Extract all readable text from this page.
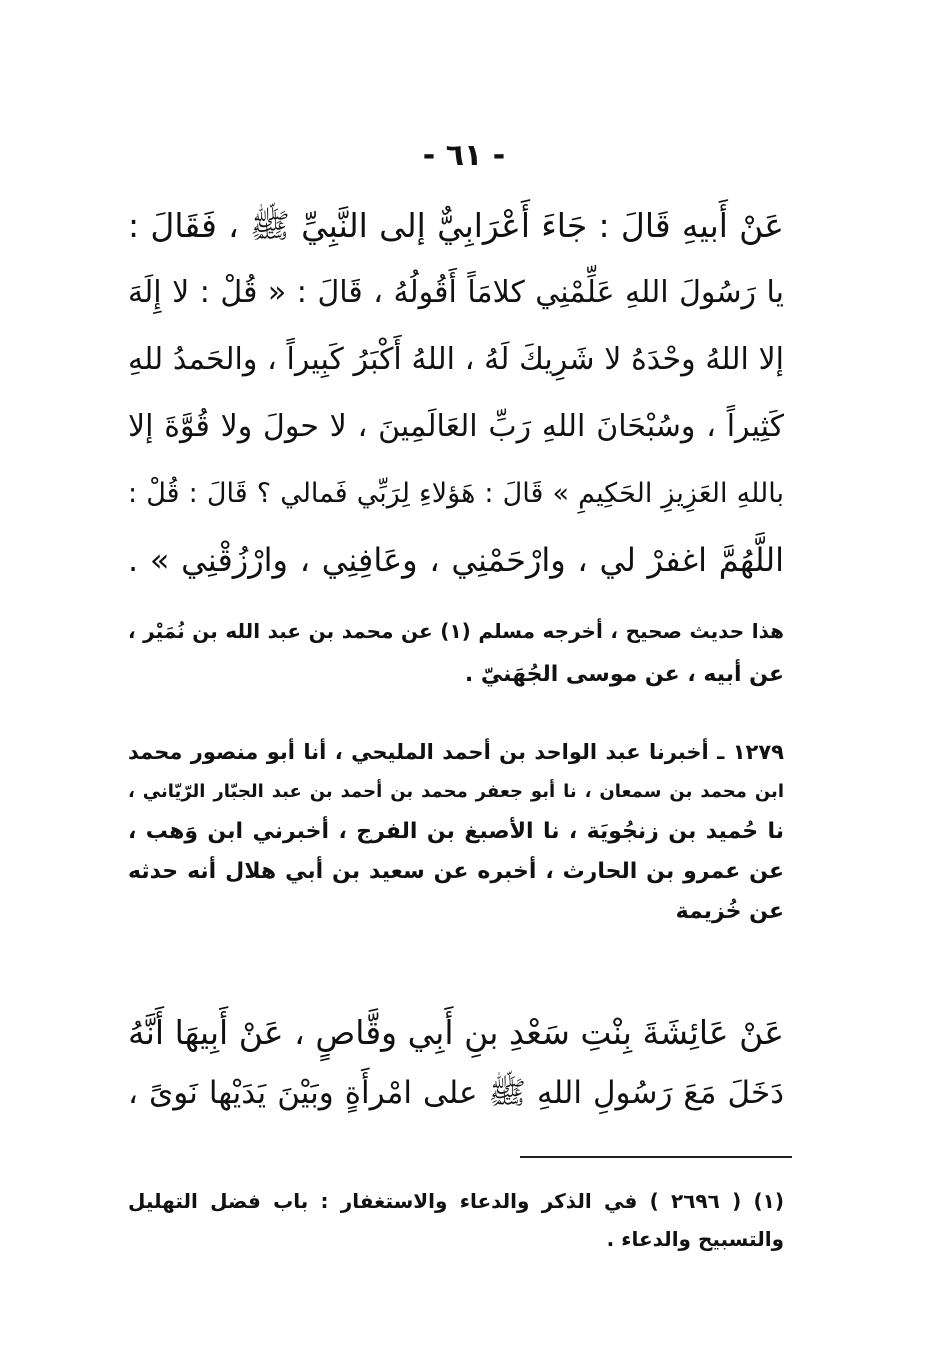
- ٦١ -
عَنْ أَبيهِ قَالَ : جَاءَ أَعْرَابِيٌّ إلى النَّبِيِّ ﷺ ، فَقَالَ :
يا رَسُولَ اللهِ عَلِّمْنِي كلامَاً أَقُولُهُ ، قَالَ : « قُلْ : لا إِلَهَ
إلا اللهُ وحْدَهُ لا شَرِيكَ لَهُ ، اللهُ أَكْبَرُ كَبِيراً ، والحَمدُ للهِ
كَثِيراً ، وسُبْحَانَ اللهِ رَبِّ العَالَمِينَ ، لا حولَ ولا قُوَّةَ إلا
باللهِ العَزِيزِ الحَكِيمِ » قَالَ : هَؤلاءِ لِرَبِّي فَمالي ؟ قَالَ : قُلْ :
اللَّهُمَّ اغفرْ لي ، وارْحَمْنِي ، وعَافِنِي ، وارْزُقْنِي » .
هذا حديث صحيح ، أخرجه مسلم (١) عن محمد بن عبد الله بن نُمَيْر ،
عن أبيه ، عن موسى الجُهَنيّ .
١٢٧٩ ـ أخبرنا عبد الواحد بن أحمد المليحي ، أنا أبو منصور محمد
ابن محمد بن سمعان ، نا أبو جعفر محمد بن أحمد بن عبد الجبّار الرّيّاني ،
نا حُميد بن زنجُويَة ، نا الأصبغ بن الفرج ، أخبرني ابن وَهب ،
عن عمرو بن الحارث ، أخبره عن سعيد بن أبي هلال أنه حدثه
عن خُزيمة
عَنْ عَائِشَةَ بِنْتِ سَعْدِ بنِ أَبِي وقَّاصٍ ، عَنْ أَبِيهَا أَنَّهُ
دَخَلَ مَعَ رَسُولِ اللهِ ﷺ على امْرأَةٍ وبَيْنَ يَدَيْها نَوىً ،
(١) ( ٢٦٩٦ ) في الذكر والدعاء والاستغفار : باب فضل التهليل
والتسبيح والدعاء .
